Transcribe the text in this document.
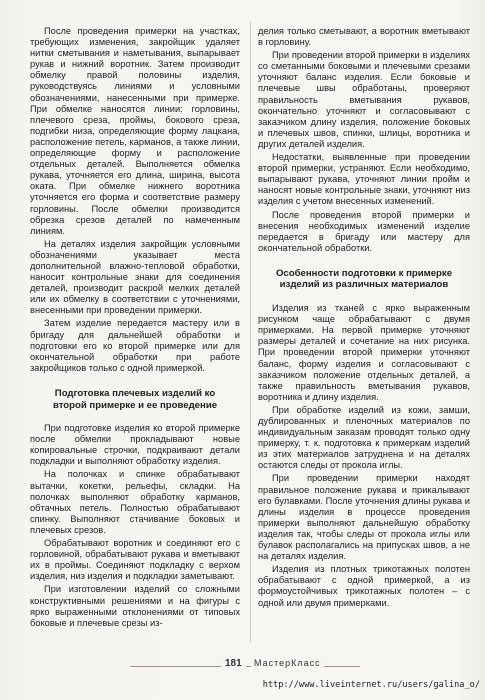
После проведения примерки на участках, требующих изменения, закройщик удаляет нитки сметывания и наметывания, выпарывает рукав и нижний воротник. Затем производит обмелку правой половины изделия, руководствуясь линиями и условными обозначениями, нанесенными при примерке. При обмелке наносятся линии: горловины, плечевого среза, проймы, бокового среза, подгибки низа, определяющие форму лацкана, расположение петель, карманов, а также линии, определяющие форму и расположение отдельных деталей. Выполняется обмелка рукава, уточняется его длина, ширина, высота оката. При обмелке нижнего воротника уточняется его форма и соответствие размеру горловины. После обмелки производится обрезка срезов деталей по намеченным линиям.

На деталях изделия закройщик условными обозначениями указывает места дополнительной влажно-тепловой обработки, наносит контрольные знаки для соединения деталей, производит раскрой мелких деталей или их обмелку в соответствии с уточнениями, внесенными при проведении примерки.

Затем изделие передается мастеру или в бригаду для дальнейшей обработки и подготовки его ко второй примерке или для окончательной обработки при работе закройщиков только с одной примеркой.

Подготовка плечевых изделий ко
второй примерке и ее проведение

При подготовке изделия ко второй примерке после обмелки прокладывают новые копировальные строчки, подкраивают детали подкладки и выполняют обработку изделия.

На полочках и спинке обрабатывают вытачки, кокетки, рельефы, складки. На полочках выполняют обработку карманов, обтачных петель. Полностью обрабатывают спинку. Выполняют стачивание боковых и плечевых срезов.

Обрабатывают воротник и соединяют его с горловиной, обрабатывают рукава и вметывают их в проймы. Соединяют подкладку с верхом изделия, низ изделия и подкладки заметывают.

При изготовлении изделий со сложными конструктивными решениями и на фигуры с ярко выраженными отклонениями от типовых боковые и плечевые срезы из-

делия только сметывают, а воротник вметывают в горловину.

При проведении второй примерки в изделиях со сметанными боковыми и плечевыми срезами уточняют баланс изделия. Если боковые и плечевые швы обработаны, проверяют правильность вметывания рукавов, окончательно уточняют и согласовывают с заказчиком длину изделия, положение боковых и плечевых швов, спинки, шлицы, воротника и других деталей изделия.

Недостатки, выявленные при проведении второй примерки, устраняют. Если необходимо, выпарывают рукава, уточняют линии пройм и наносят новые контрольные знаки, уточняют низ изделия с учетом внесенных изменений.

После проведения второй примерки и внесения необходимых изменений изделие передается в бригаду или мастеру для окончательной обработки.

Особенности подготовки к примерке
изделий из различных материалов

Изделия из тканей с ярко выраженным рисунком чаще обрабатывают с двумя примерками. На первой примерке уточняют размеры деталей и сочетание на них рисунка. При проведении второй примерки уточняют баланс, форму изделия и согласовывают с заказчиком положение отдельных деталей, а также правильность вметывания рукавов, воротника и длину изделия.

При обработке изделий из кожи, замши, дублированных и пленочных материалов по индивидуальным заказам проводят только одну примерку, т. к. подготовка к примеркам изделий из этих материалов затруднена и на деталях остаются следы от прокола иглы.

При проведении примерки находят правильное положение рукава и прикалывают его булавками. После уточнения длины рукава и длины изделия в процессе проведения примерки выполняют дальнейшую обработку изделия так, чтобы следы от прокола иглы или булавок располагались на припусках швов, а не на деталях изделия.

Изделия из плотных трикотажных полотен обрабатывают с одной примеркой, а из формоустойчивых трикотажных полотен – с одной или двумя примерками.

181	МастерКласс
http://www.liveinternet.ru/users/galina_o/
